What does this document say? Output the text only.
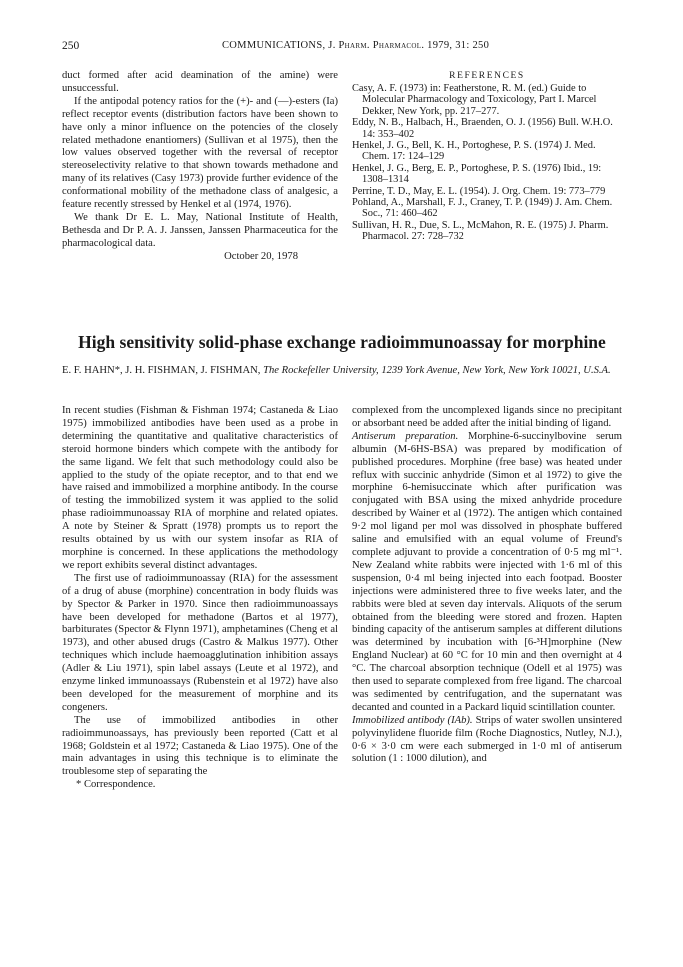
250	COMMUNICATIONS, J. Pharm. Pharmacol. 1979, 31: 250

duct formed after acid deamination of the amine) were unsuccessful.

If the antipodal potency ratios for the (+)- and (—)-esters (Ia) reflect receptor events (distribution factors have been shown to have only a minor influence on the potencies of the closely related methadone enantiomers) (Sullivan et al 1975), then the low values observed together with the reversal of receptor stereoselectivity relative to that shown towards methadone and many of its relatives (Casy 1973) provide further evidence of the conformational mobility of the methadone class of analgesic, a feature recently stressed by Henkel et al (1974, 1976).

We thank Dr E. L. May, National Institute of Health, Bethesda and Dr P. A. J. Janssen, Janssen Pharmaceutica for the pharmacological data.

October 20, 1978

REFERENCES

Casy, A. F. (1973) in: Featherstone, R. M. (ed.) Guide to Molecular Pharmacology and Toxicology, Part I. Marcel Dekker, New York, pp. 217–277.

Eddy, N. B., Halbach, H., Braenden, O. J. (1956) Bull. W.H.O. 14: 353–402

Henkel, J. G., Bell, K. H., Portoghese, P. S. (1974) J. Med. Chem. 17: 124–129

Henkel, J. G., Berg, E. P., Portoghese, P. S. (1976) Ibid., 19: 1308–1314

Perrine, T. D., May, E. L. (1954). J. Org. Chem. 19: 773–779

Pohland, A., Marshall, F. J., Craney, T. P. (1949) J. Am. Chem. Soc., 71: 460–462

Sullivan, H. R., Due, S. L., McMahon, R. E. (1975) J. Pharm. Pharmacol. 27: 728–732

High sensitivity solid-phase exchange radioimmunoassay for morphine
E. F. HAHN*, J. H. FISHMAN, J. FISHMAN, The Rockefeller University, 1239 York Avenue, New York, New York 10021, U.S.A.

In recent studies (Fishman & Fishman 1974; Castaneda & Liao 1975) immobilized antibodies have been used as a probe in determining the quantitative and qualitative characteristics of steroid hormone binders which compete with the antibody for the same ligand. We felt that such methodology could also be applied to the study of the opiate receptor, and to that end we have raised and immobilized a morphine antibody. In the course of testing the immobilized system it was applied to the solid phase radioimmunoassay RIA of morphine and related opiates. A note by Steiner & Spratt (1978) prompts us to report the results obtained by us with our system insofar as RIA of morphine is concerned. In these applications the methodology we report exhibits several distinct advantages.

The first use of radioimmunoassay (RIA) for the assessment of a drug of abuse (morphine) concentration in body fluids was by Spector & Parker in 1970. Since then radioimmunoassays have been developed for methadone (Bartos et al 1977), barbiturates (Spector & Flynn 1971), amphetamines (Cheng et al 1973), and other abused drugs (Castro & Malkus 1977). Other techniques which include haemoagglutination inhibition assays (Adler & Liu 1971), spin label assays (Leute et al 1972), and enzyme linked immunoassays (Rubenstein et al 1972) have also been developed for the measurement of morphine and its congeners.

The use of immobilized antibodies in other radioimmunoassays, has previously been reported (Catt et al 1968; Goldstein et al 1972; Castaneda & Liao 1975). One of the main advantages in using this technique is to eliminate the troublesome step of separating the

* Correspondence.

complexed from the uncomplexed ligands since no precipitant or absorbant need be added after the initial binding of ligand.

Antiserum preparation. Morphine-6-succinylbovine serum albumin (M-6HS-BSA) was prepared by modification of published procedures. Morphine (free base) was heated under reflux with succinic anhydride (Simon et al 1972) to give the morphine 6-hemisuccinate which after purification was conjugated with BSA using the mixed anhydride procedure described by Wainer et al (1972). The antigen which contained 9·2 mol ligand per mol was dissolved in phosphate buffered saline and emulsified with an equal volume of Freund's complete adjuvant to provide a concentration of 0·5 mg ml⁻¹. New Zealand white rabbits were injected with 1·6 ml of this suspension, 0·4 ml being injected into each footpad. Booster injections were administered three to five weeks later, and the rabbits were bled at seven day intervals. Aliquots of the serum obtained from the bleeding were stored and frozen. Hapten binding capacity of the antiserum samples at different dilutions was determined by incubation with [6-³H]morphine (New England Nuclear) at 60 °C for 10 min and then overnight at 4 °C. The charcoal absorption technique (Odell et al 1975) was then used to separate complexed from free ligand. The charcoal was sedimented by centrifugation, and the supernatant was decanted and counted in a Packard liquid scintillation counter.

Immobilized antibody (IAb). Strips of water swollen unsintered polyvinylidene fluoride film (Roche Diagnostics, Nutley, N.J.), 0·6 × 3·0 cm were each submerged in 1·0 ml of antiserum solution (1 : 1000 dilution), and
